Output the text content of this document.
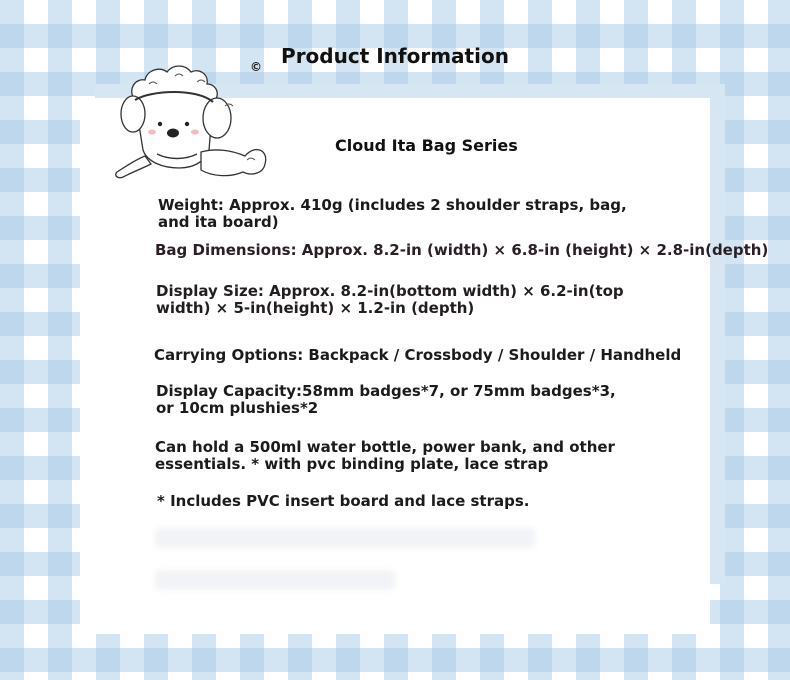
Product Information
©
Cloud Ita Bag Series
Weight: Approx. 410g (includes 2 shoulder straps, bag, and ita board)
Bag Dimensions: Approx. 8.2-in (width) × 6.8-in (height) × 2.8-in(depth)
Display Size: Approx. 8.2-in(bottom width) × 6.2-in(top width) × 5-in(height) × 1.2-in (depth)
Carrying Options: Backpack / Crossbody / Shoulder / Handheld
Display Capacity:58mm badges*7, or 75mm badges*3, or 10cm plushies*2
Can hold a 500ml water bottle, power bank, and other essentials. * with pvc binding plate, lace strap
* Includes PVC insert board and lace straps.
